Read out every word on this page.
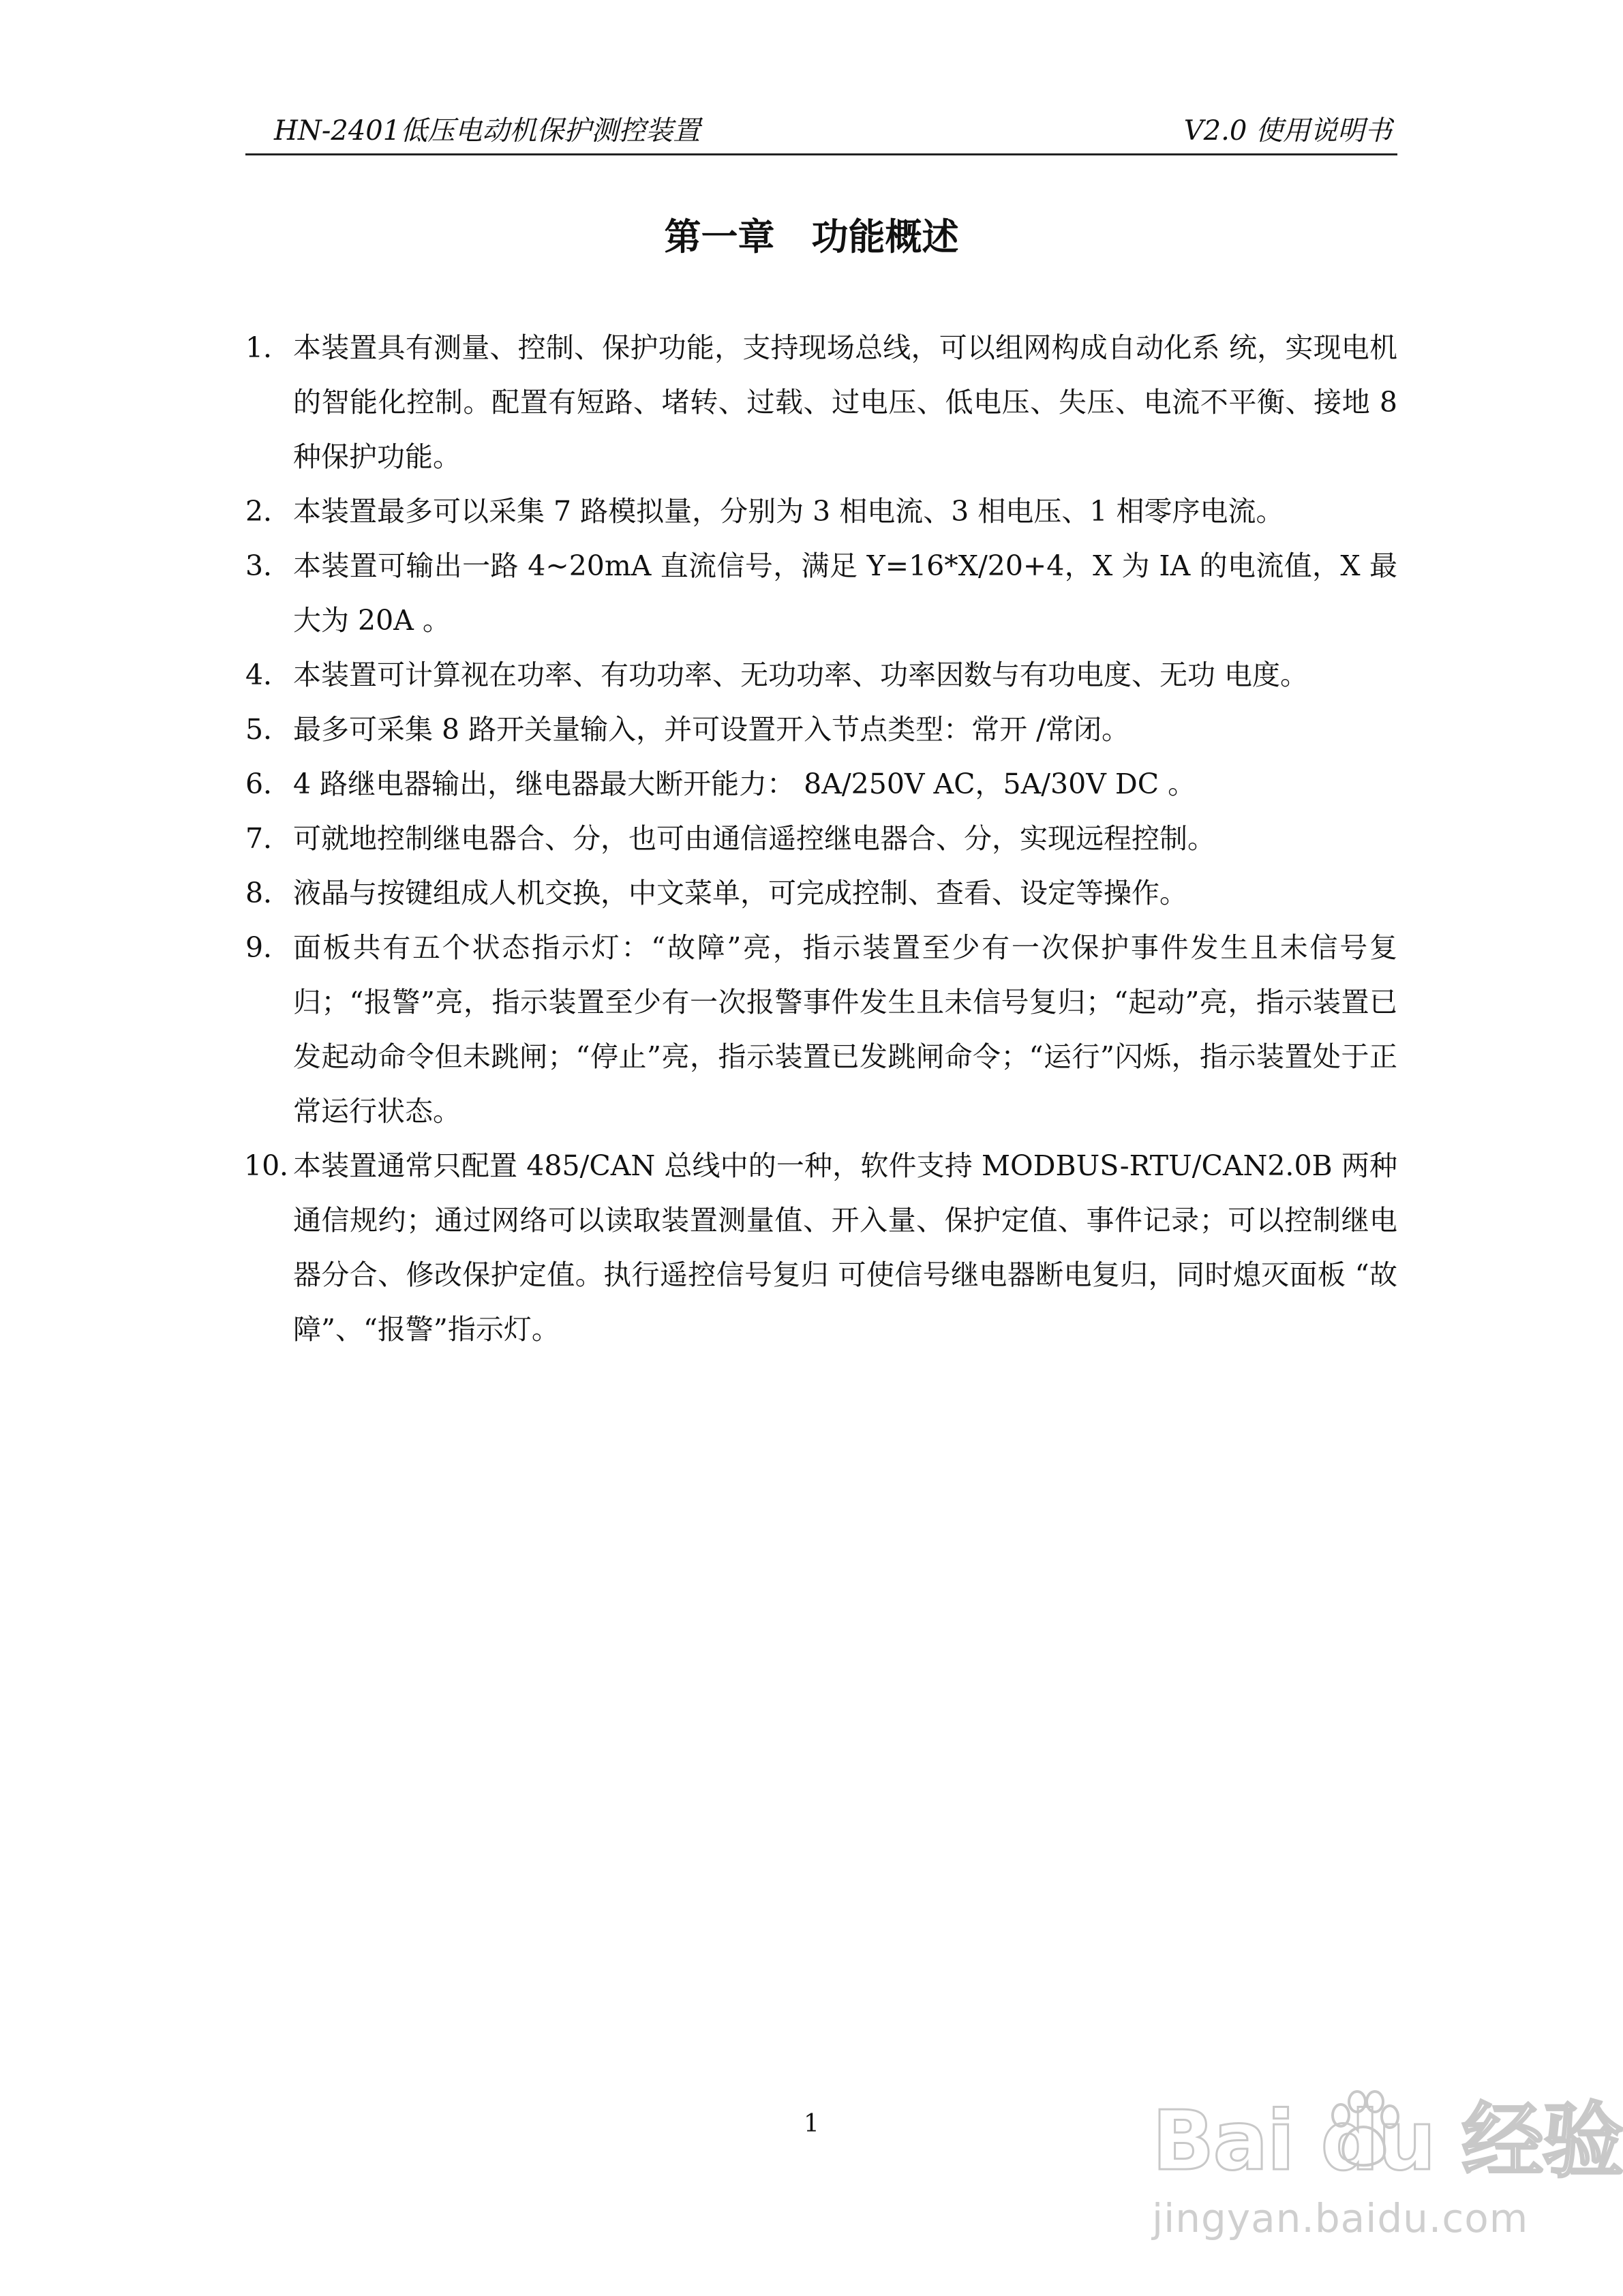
HN-2401低压电动机保护测控装置	V2.0 使用说明书
第一章　功能概述
1． 本装置具有测量、控制、保护功能，支持现场总线，可以组网构成自动化系 统，实现电机的智能化控制。配置有短路、堵转、过载、过电压、低电压、失压、电流不平衡、接地 8 种保护功能。
2． 本装置最多可以采集 7 路模拟量，分别为 3 相电流、3 相电压、1 相零序电流。
3． 本装置可输出一路 4~20mA 直流信号，满足 Y=16*X/20+4，X 为 IA 的电流值，X 最大为 20A 。
4． 本装置可计算视在功率、有功功率、无功功率、功率因数与有功电度、无功 电度。
5． 最多可采集 8 路开关量输入，并可设置开入节点类型：常开 /常闭。
6． 4 路继电器输出，继电器最大断开能力： 8A/250V AC，5A/30V DC 。
7． 可就地控制继电器合、分，也可由通信遥控继电器合、分，实现远程控制。
8． 液晶与按键组成人机交换，中文菜单，可完成控制、查看、设定等操作。
9． 面板共有五个状态指示灯：“故障”亮，指示装置至少有一次保护事件发生且未信号复归；“报警”亮，指示装置至少有一次报警事件发生且未信号复归；“起动”亮，指示装置已发起动命令但未跳闸；“停止”亮，指示装置已发跳闸命令；“运行”闪烁，指示装置处于正常运行状态。
10．
本装置通常只配置 485/CAN 总线中的一种，软件支持 MODBUS-RTU/CAN2.0B 两种通信规约；通过网络可以读取装置测量值、开入量、保护定值、事件记录；可以控制继电器分合、修改保护定值。执行遥控信号复归 可使信号继电器断电复归，同时熄灭面板 “故障”、“报警”指示灯。
1	Bai du 经验
jingyan.baidu.com
